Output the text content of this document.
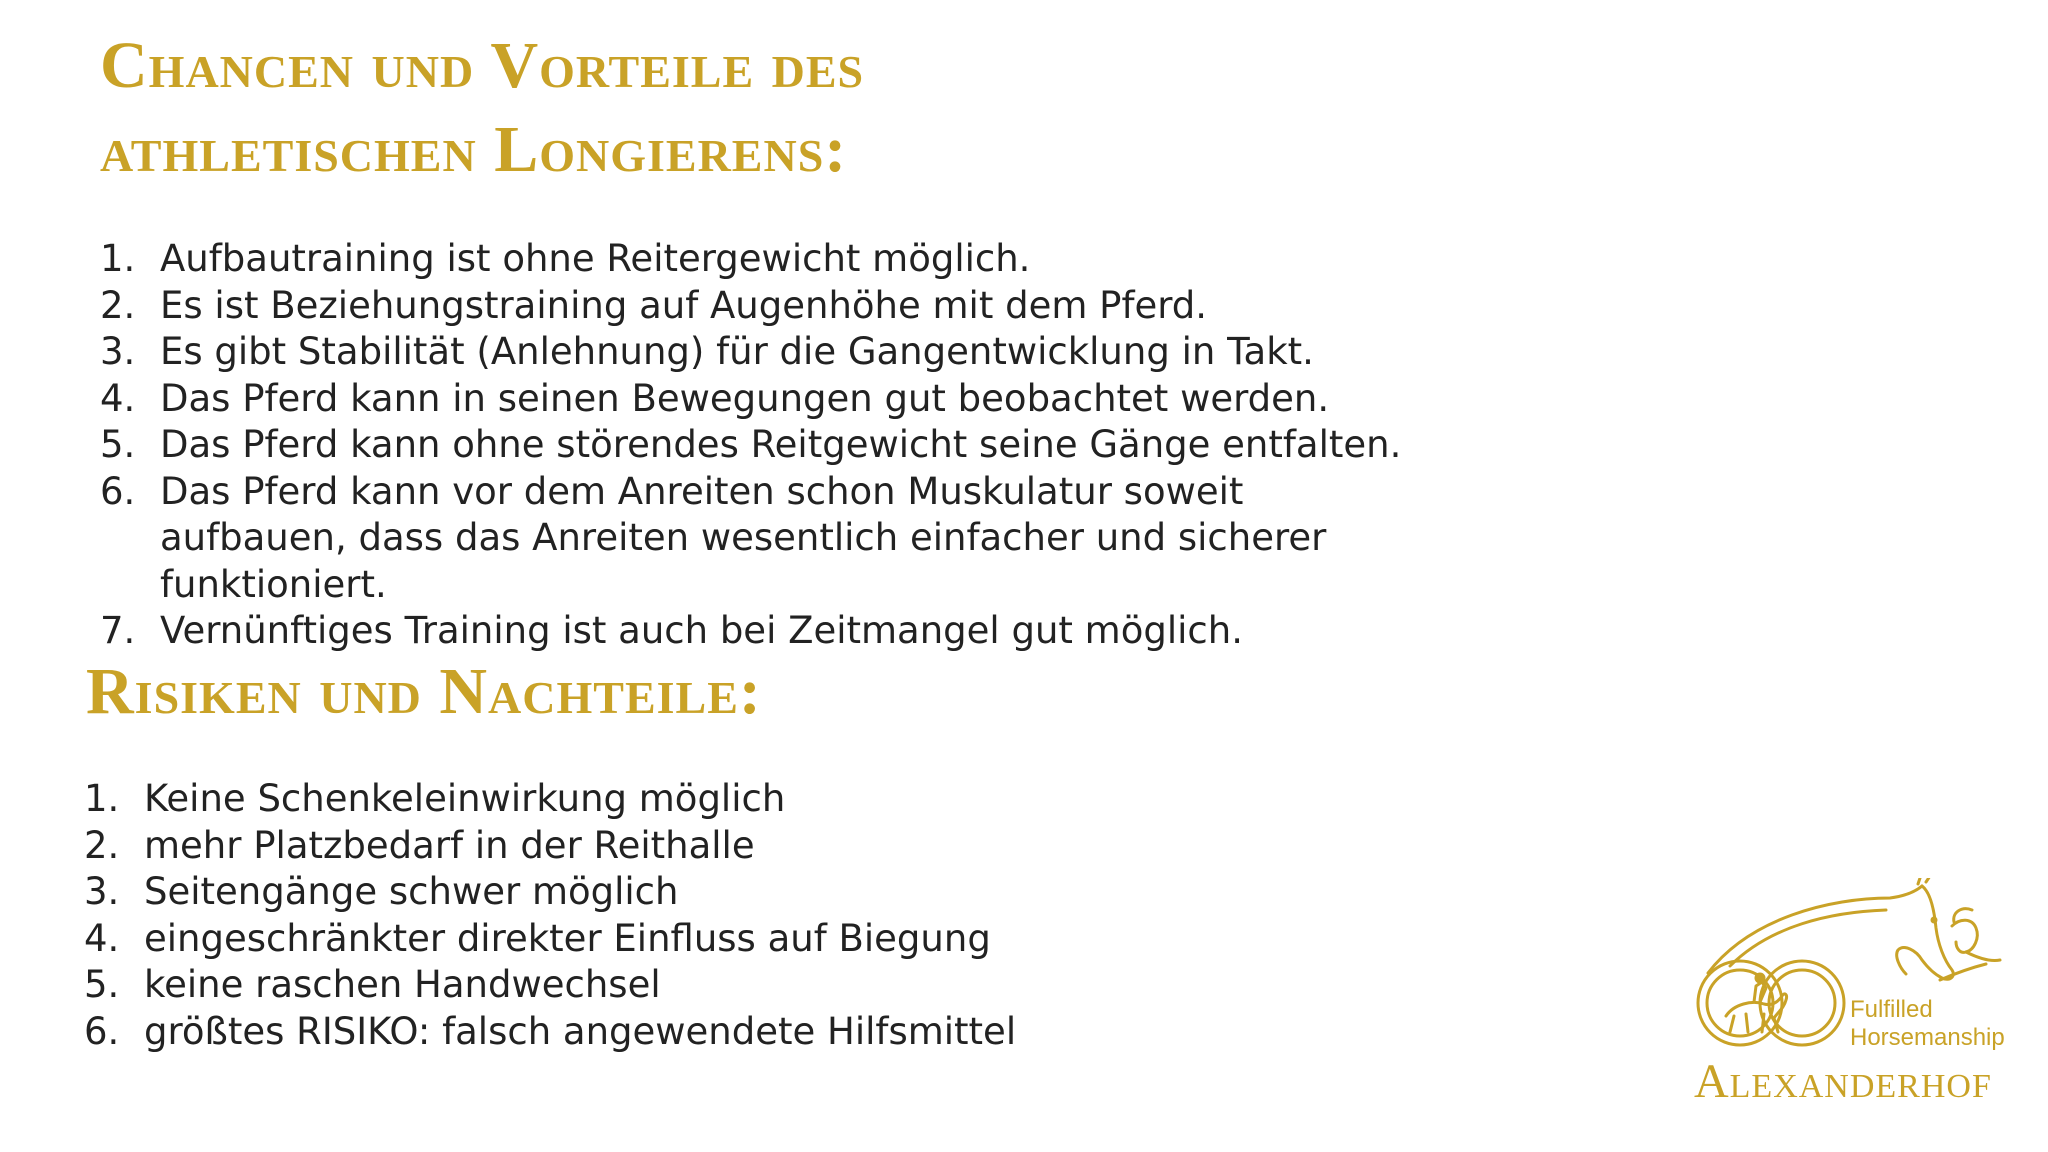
Chancen und Vorteile des athletischen Longierens:
1. Aufbautraining ist ohne Reitergewicht möglich.
2. Es ist Beziehungstraining auf Augenhöhe mit dem Pferd.
3. Es gibt Stabilität (Anlehnung) für die Gangentwicklung in Takt.
4. Das Pferd kann in seinen Bewegungen gut beobachtet werden.
5. Das Pferd kann ohne störendes Reitgewicht seine Gänge entfalten.
6. Das Pferd kann vor dem Anreiten schon Muskulatur soweit aufbauen, dass das Anreiten wesentlich einfacher und sicherer funktioniert.
7. Vernünftiges Training ist auch bei Zeitmangel gut möglich.
Risiken und Nachteile:
1. Keine Schenkeleinwirkung möglich
2. mehr Platzbedarf in der Reithalle
3. Seitengänge schwer möglich
4. eingeschränkter direkter Einfluss auf Biegung
5. keine raschen Handwechsel
6. größtes RISIKO: falsch angewendete Hilfsmittel	Fulfilled
Horsemanship
Alexanderhof
